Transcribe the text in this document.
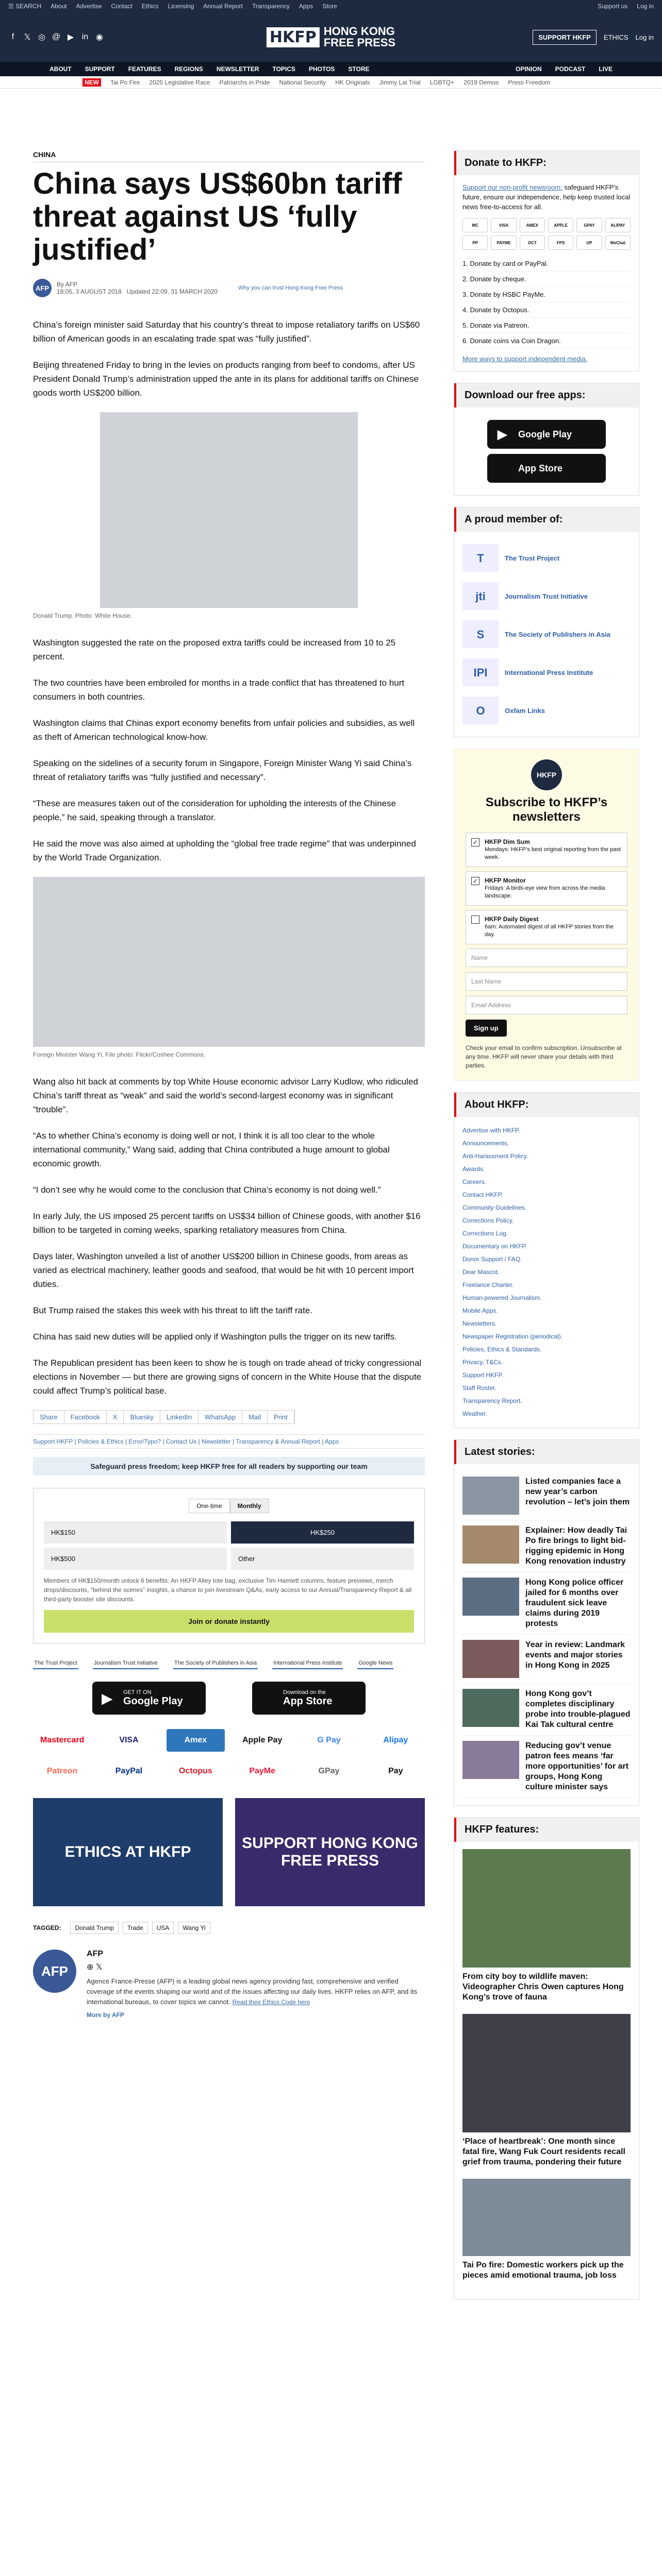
☰ SEARCH About Advertise Contact Ethics Licensing Annual Report Transparency Apps Store	Support us Log in
f	𝕏 ◎ @ ▶ in ◉	HKFP HONG KONG
FREE PRESS	SUPPORT HKFP	ETHICS Log in
ABOUT SUPPORT FEATURES REGIONS NEWSLETTER TOPICS PHOTOS STORE	OPINION PODCAST LIVE
NEW	Tai Po Fire 2025 Legislative Race Patriarchs in Pride National Security HK Originals Jimmy Lai Trial LGBTQ+ 2019 Demos Press Freedom
CHINA
China says US$60bn tariff threat against US ‘fully justified’
AFP	By AFP
18:05, 3 AUGUST 2018 Updated 22:09, 31 MARCH 2020	Why you can trust Hong Kong Free Press

China’s foreign minister said Saturday that his country’s threat to impose retaliatory tariffs on US$60 billion of American goods in an escalating trade spat was “fully justified”.

Beijing threatened Friday to bring in the levies on products ranging from beef to condoms, after US President Donald Trump’s administration upped the ante in its plans for additional tariffs on Chinese goods worth US$200 billion.

Donald Trump. Photo: White House.

Washington suggested the rate on the proposed extra tariffs could be increased from 10 to 25 percent.

The two countries have been embroiled for months in a trade conflict that has threatened to hurt consumers in both countries.

Washington claims that Chinas export economy benefits from unfair policies and subsidies, as well as theft of American technological know-how.

Speaking on the sidelines of a security forum in Singapore, Foreign Minister Wang Yi said China’s threat of retaliatory tariffs was “fully justified and necessary”.

“These are measures taken out of the consideration for upholding the interests of the Chinese people,” he said, speaking through a translator.

He said the move was also aimed at upholding the “global free trade regime” that was underpinned by the World Trade Organization.

Foreign Minister Wang Yi. File photo: Flickr/Coshee Commons.

Wang also hit back at comments by top White House economic advisor Larry Kudlow, who ridiculed China’s tariff threat as “weak” and said the world’s second-largest economy was in significant “trouble”.

“As to whether China’s economy is doing well or not, I think it is all too clear to the whole international community,” Wang said, adding that China contributed a huge amount to global economic growth.

“I don’t see why he would come to the conclusion that China’s economy is not doing well.”

In early July, the US imposed 25 percent tariffs on US$34 billion of Chinese goods, with another $16 billion to be targeted in coming weeks, sparking retaliatory measures from China.

Days later, Washington unveiled a list of another US$200 billion in Chinese goods, from areas as varied as electrical machinery, leather goods and seafood, that would be hit with 10 percent import duties.

But Trump raised the stakes this week with his threat to lift the tariff rate.

China has said new duties will be applied only if Washington pulls the trigger on its new tariffs.

The Republican president has been keen to show he is tough on trade ahead of tricky congressional elections in November — but there are growing signs of concern in the White House that the dispute could affect Trump’s political base.

Share	Facebook	X	Bluesky	LinkedIn	WhatsApp	Mail	Print
Support HKFP | Policies & Ethics | Error/Typo? | Contact Us | Newsletter | Transparency & Annual Report | Apps
Safeguard press freedom; keep HKFP free for all readers by supporting our team
One-time	Monthly
HK$150	HK$250
HK$500	Other
Members of HK$150/month unlock 6 benefits: An HKFP Alley tote bag, exclusive Tim Hamlett columns, feature previews, merch drops/discounts, “behind the scenes” insights, a chance to join livestream Q&As, early access to our Annual/Transparency Report & all third-party booster site discounts.
Join or donate instantly
The Trust Project	Journalism Trust Initiative	The Society of Publishers in Asia	International Press Institute	Google News
▶ GET IT ON
Google Play
Download on the
App Store
Mastercard	VISA	Amex	Apple Pay	G Pay	Alipay
Patreon	PayPal	Octopus	PayMe	GPay	Pay
ETHICS AT HKFP
SUPPORT HONG KONG FREE PRESS
TAGGED:	Donald Trump	Trade	USA	Wang Yi
AFP
AFP
⊕ 𝕏

Agence France-Presse (AFP) is a leading global news agency providing fast, comprehensive and verified coverage of the events shaping our world and of the issues affecting our daily lives. HKFP relies on AFP, and its international bureaus, to cover topics we cannot. Read their Ethics Code here

More by AFP
Donate to HKFP:
Support our non-profit newsroom: safeguard HKFP’s future, ensure our independence, help keep trusted local news free-to-access for all.
MC	VISA	AMEX	APPLE	GPAY	ALIPAY
PP	PAYME	OCT	FPS	UP	WeChat
1. Donate by card or PayPal.
2. Donate by cheque.
3. Donate by HSBC PayMe.
4. Donate by Octopus.
5. Donate via Patreon.
6. Donate coins via Coin Dragon.
More ways to support independent media.
Download our free apps:
▶ Google Play
App Store
A proud member of:
T	The Trust Project
jti	Journalism Trust Initiative
S	The Society of Publishers in Asia
IPI	International Press Institute
O	Oxfam Links
HKFP
Subscribe to HKFP’s newsletters
✓ HKFP Dim Sum
Mondays: HKFP’s best original reporting from the past week.
✓ HKFP Monitor
Fridays: A birds-eye view from across the media landscape.
HKFP Daily Digest
6am: Automated digest of all HKFP stories from the day.
Name
Last Name
Email Address
Sign up
Check your email to confirm subscription. Unsubscribe at any time. HKFP will never share your details with third parties.
About HKFP:
Advertise with HKFP.
Announcements.
Anti-Harassment Policy.
Awards.
Careers.
Contact HKFP.
Community Guidelines.
Corrections Policy.
Corrections Log.
Documentary on HKFP.
Donor Support / FAQ.
Dear Mascot.
Freelance Charter.
Human-powered Journalism.
Mobile Apps.
Newsletters.
Newspaper Registration (periodical).
Policies, Ethics & Standards.
Privacy, T&Cs.
Support HKFP.
Staff Roster.
Transparency Report.
Weather.
Latest stories:
Listed companies face a new year’s carbon revolution – let’s join them
Explainer: How deadly Tai Po fire brings to light bid-rigging epidemic in Hong Kong renovation industry
Hong Kong police officer jailed for 6 months over fraudulent sick leave claims during 2019 protests
Year in review: Landmark events and major stories in Hong Kong in 2025
Hong Kong gov’t completes disciplinary probe into trouble-plagued Kai Tak cultural centre
Reducing gov’t venue patron fees means ‘far more opportunities’ for art groups, Hong Kong culture minister says
HKFP features:
From city boy to wildlife maven: Videographer Chris Owen captures Hong Kong’s trove of fauna
‘Place of heartbreak’: One month since fatal fire, Wang Fuk Court residents recall grief from trauma, pondering their future
Tai Po fire: Domestic workers pick up the pieces amid emotional trauma, job loss
